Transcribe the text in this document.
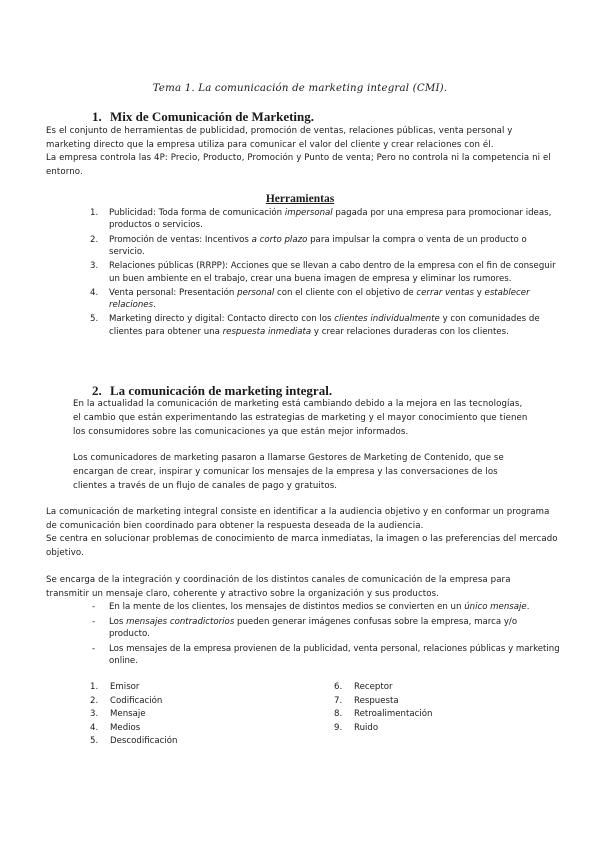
Tema 1. La comunicación de marketing integral (CMI).

1. Mix de Comunicación de Marketing.

Es el conjunto de herramientas de publicidad, promoción de ventas, relaciones públicas, venta personal y marketing directo que la empresa utiliza para comunicar el valor del cliente y crear relaciones con él.

La empresa controla las 4P: Precio, Producto, Promoción y Punto de venta; Pero no controla ni la competencia ni el entorno.

Herramientas

1. Publicidad: Toda forma de comunicación impersonal pagada por una empresa para promocionar ideas, productos o servicios.
2. Promoción de ventas: Incentivos a corto plazo para impulsar la compra o venta de un producto o servicio.
3. Relaciones públicas (RRPP): Acciones que se llevan a cabo dentro de la empresa con el fin de conseguir un buen ambiente en el trabajo, crear una buena imagen de empresa y eliminar los rumores.
4. Venta personal: Presentación personal con el cliente con el objetivo de cerrar ventas y establecer relaciones.
5. Marketing directo y digital: Contacto directo con los clientes individualmente y con comunidades de clientes para obtener una respuesta inmediata y crear relaciones duraderas con los clientes.
2. La comunicación de marketing integral.

En la actualidad la comunicación de marketing está cambiando debido a la mejora en las tecnologías, el cambio que están experimentando las estrategias de marketing y el mayor conocimiento que tienen los consumidores sobre las comunicaciones ya que están mejor informados.

Los comunicadores de marketing pasaron a llamarse Gestores de Marketing de Contenido, que se encargan de crear, inspirar y comunicar los mensajes de la empresa y las conversaciones de los clientes a través de un flujo de canales de pago y gratuitos.

La comunicación de marketing integral consiste en identificar a la audiencia objetivo y en conformar un programa de comunicación bien coordinado para obtener la respuesta deseada de la audiencia.

Se centra en solucionar problemas de conocimiento de marca inmediatas, la imagen o las preferencias del mercado objetivo.

Se encarga de la integración y coordinación de los distintos canales de comunicación de la empresa para transmitir un mensaje claro, coherente y atractivo sobre la organización y sus productos.

- En la mente de los clientes, los mensajes de distintos medios se convierten en un único mensaje.
- Los mensajes contradictorios pueden generar imágenes confusas sobre la empresa, marca y/o producto.
- Los mensajes de la empresa provienen de la publicidad, venta personal, relaciones públicas y marketing online.
1. Emisor
2. Codificación
3. Mensaje
4. Medios
5. Descodificación
6. Receptor
7. Respuesta
8. Retroalimentación
9. Ruido
